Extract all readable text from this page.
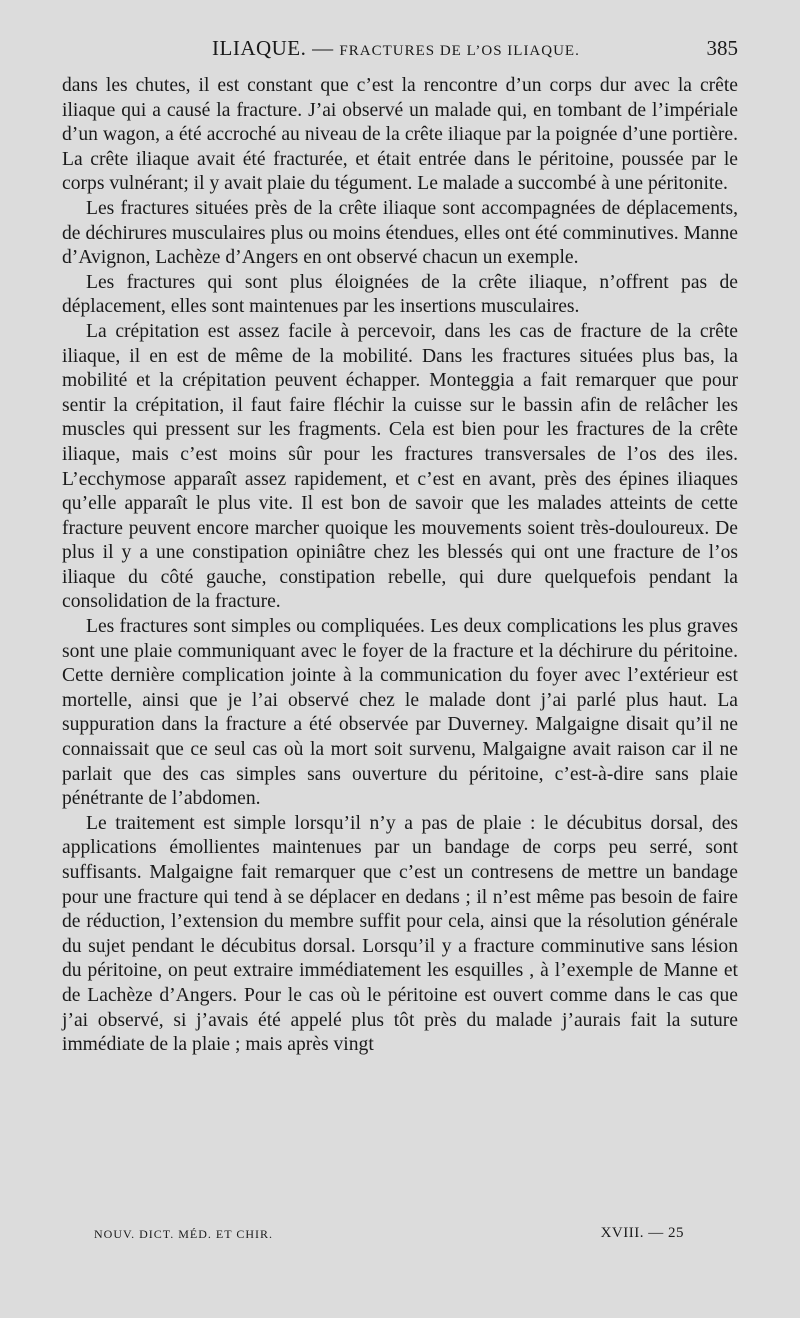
ILIAQUE. — FRACTURES DE L’OS ILIAQUE.	385

dans les chutes, il est constant que c’est la rencontre d’un corps dur avec la crête iliaque qui a causé la fracture. J’ai observé un malade qui, en tombant de l’impériale d’un wagon, a été accroché au niveau de la crête iliaque par la poignée d’une portière. La crête iliaque avait été fracturée, et était entrée dans le péritoine, poussée par le corps vulnérant; il y avait plaie du tégument. Le malade a succombé à une péritonite.

Les fractures situées près de la crête iliaque sont accompagnées de déplacements, de déchirures musculaires plus ou moins étendues, elles ont été comminutives. Manne d’Avignon, Lachèze d’Angers en ont observé chacun un exemple.

Les fractures qui sont plus éloignées de la crête iliaque, n’offrent pas de déplacement, elles sont maintenues par les insertions musculaires.

La crépitation est assez facile à percevoir, dans les cas de fracture de la crête iliaque, il en est de même de la mobilité. Dans les fractures situées plus bas, la mobilité et la crépitation peuvent échapper. Monteggia a fait remarquer que pour sentir la crépitation, il faut faire fléchir la cuisse sur le bassin afin de relâcher les muscles qui pressent sur les fragments. Cela est bien pour les fractures de la crête iliaque, mais c’est moins sûr pour les fractures transversales de l’os des iles. L’ecchymose apparaît assez rapidement, et c’est en avant, près des épines iliaques qu’elle apparaît le plus vite. Il est bon de savoir que les malades atteints de cette fracture peuvent encore marcher quoique les mouvements soient très-douloureux. De plus il y a une constipation opiniâtre chez les blessés qui ont une fracture de l’os iliaque du côté gauche, constipation rebelle, qui dure quelquefois pendant la consolidation de la fracture.

Les fractures sont simples ou compliquées. Les deux complications les plus graves sont une plaie communiquant avec le foyer de la fracture et la déchirure du péritoine. Cette dernière complication jointe à la communication du foyer avec l’extérieur est mortelle, ainsi que je l’ai observé chez le malade dont j’ai parlé plus haut. La suppuration dans la fracture a été observée par Duverney. Malgaigne disait qu’il ne connaissait que ce seul cas où la mort soit survenu, Malgaigne avait raison car il ne parlait que des cas simples sans ouverture du péritoine, c’est-à-dire sans plaie pénétrante de l’abdomen.

Le traitement est simple lorsqu’il n’y a pas de plaie : le décubitus dorsal, des applications émollientes maintenues par un bandage de corps peu serré, sont suffisants. Malgaigne fait remarquer que c’est un contresens de mettre un bandage pour une fracture qui tend à se déplacer en dedans ; il n’est même pas besoin de faire de réduction, l’extension du membre suffit pour cela, ainsi que la résolution générale du sujet pendant le décubitus dorsal. Lorsqu’il y a fracture comminutive sans lésion du péritoine, on peut extraire immédiatement les esquilles , à l’exemple de Manne et de Lachèze d’Angers. Pour le cas où le péritoine est ouvert comme dans le cas que j’ai observé, si j’avais été appelé plus tôt près du malade j’aurais fait la suture immédiate de la plaie ; mais après vingt

NOUV. DICT. MÉD. ET CHIR.	XVIII. — 25
